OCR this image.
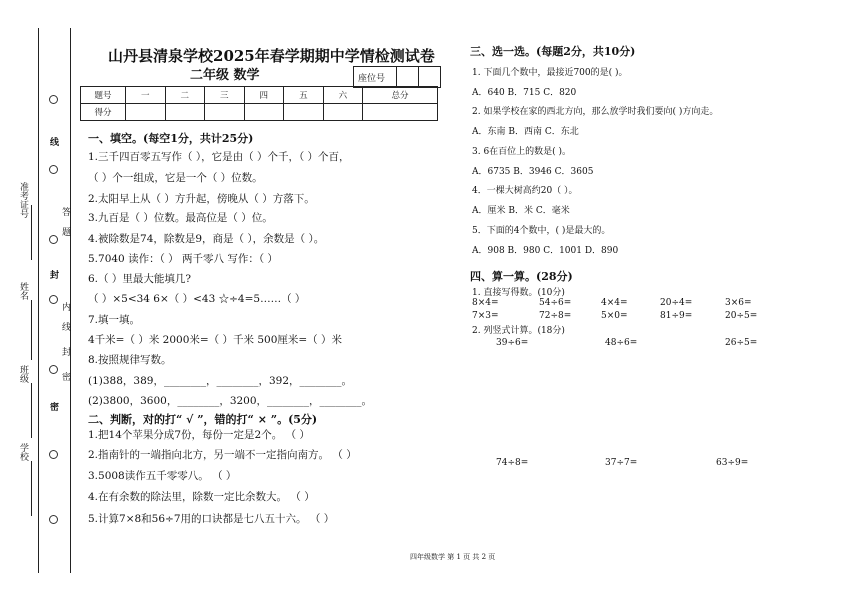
准考证号
姓名
班级
学校
线
答
题
封
内
线
封
密
密
山丹县清泉学校2025年春学期期中学情检测试卷
二年级 数学	座位号
题号	一	二	三	四	五	六	总分
得分							
一、填空。(每空1分，共计25分)
1.三千四百零五写作（ ），它是由（ ）个千，（ ）个百，
（ ）个一组成，它是一个（ ）位数。
2.太阳早上从（ ）方升起，傍晚从（ ）方落下。
3.九百是（ ）位数。最高位是（ ）位。
4.被除数是74，除数是9，商是（ ），余数是（ ）。
5.7040 读作：（ ） 两千零八 写作：（ ）
6.（ ）里最大能填几?
（ ）×5<34 6×（ ）<43 ☆÷4=5……（ ）
7.填一填。
4千米=（ ）米 2000米=（ ）千米 500厘米=（ ）米
8.按照规律写数。
(1)388，389，________，________，392，________。
(2)3800，3600，________，3200，________，________。
二、判断，对的打“ √ ”，错的打“ × ”。(5分)
1.把14个苹果分成7份，每份一定是2个。 （ ）
2.指南针的一端指向北方，另一端不一定指向南方。 （ ）
3.5008读作五千零零八。 （ ）
4.在有余数的除法里，除数一定比余数大。 （ ）
5.计算7×8和56÷7用的口诀都是七八五十六。 （ ）
三、选一选。(每题2分，共10分)
1. 下面几个数中，最接近700的是( )。
A．640 B．715 C．820
2. 如果学校在家的西北方向，那么放学时我们要向( )方向走。
A．东南 B．西南 C．东北
3. 6在百位上的数是( )。
A．6735 B．3946 C．3605
4．一棵大树高约20（ ）。
A．厘米 B．米 C．毫米
5．下面的4个数中，( )是最大的。
A．908 B．980 C．1001 D．890
四、算一算。(28分)
1. 直接写得数。(10分)
8×4=	54÷6=	4×4=	20÷4=	3×6=
7×3=	72÷8=	5×0=	81÷9=	20÷5=
2. 列竖式计算。(18分)
39÷6=	48÷6=	26÷5=
74÷8=	37÷7=	63÷9=
四年级数学 第 1 页 共 2 页
